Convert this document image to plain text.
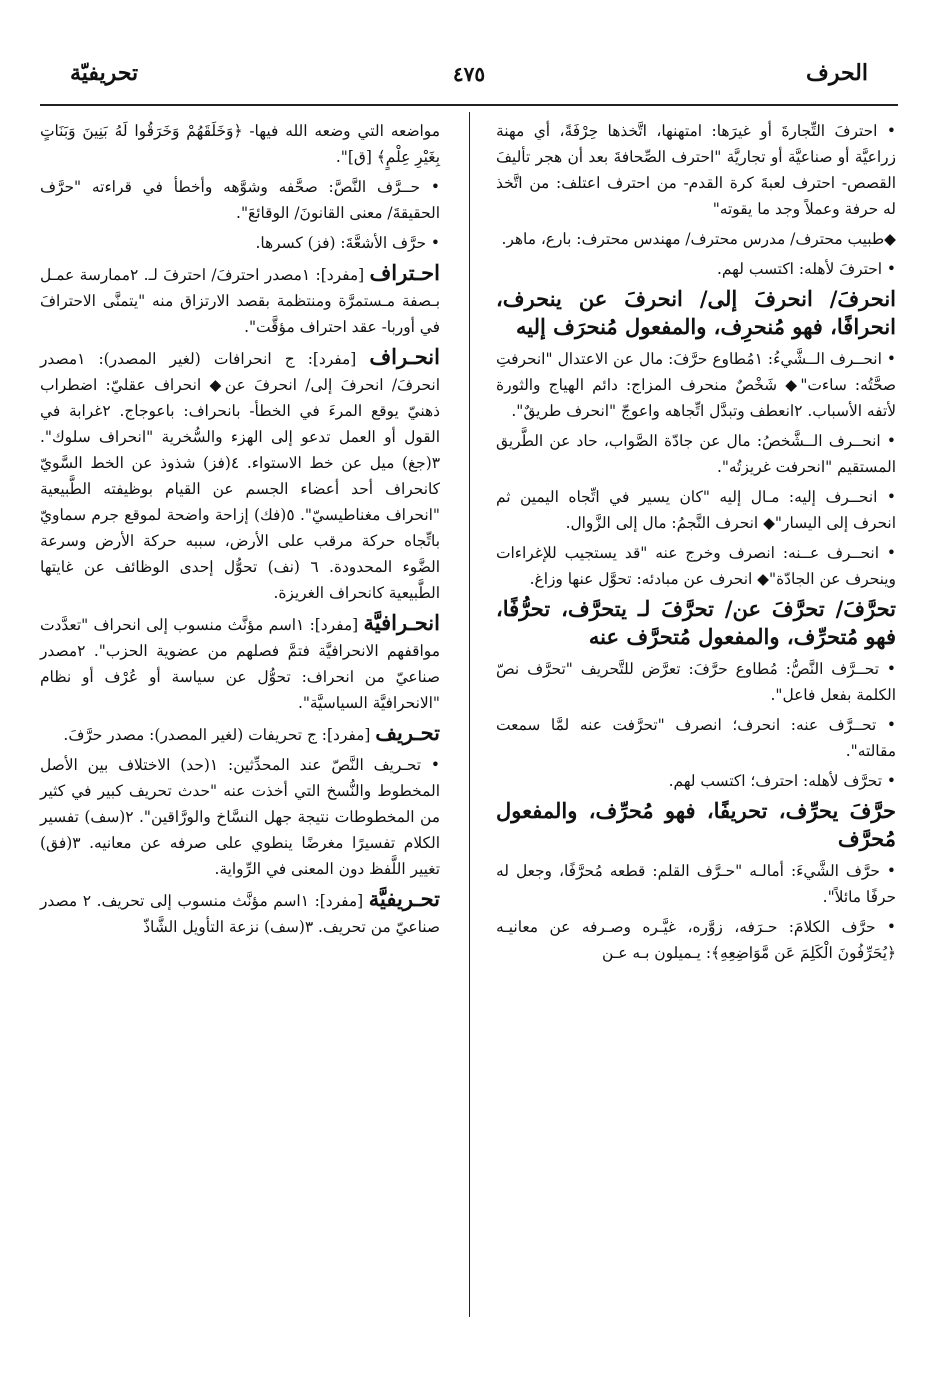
الحرف
٤٧٥
تحريفيّة
• احترفَ التِّجارةَ أو غيرَها: امتهنها، اتَّخذها حِرْفَةً، أي مهنة زراعيَّة أو صناعيَّة أو تجاريَّة "احترف الصِّحافةَ بعد أن هجر تأليفَ القصص- احترف لعبةَ كرة القدم- من احترف اعتلف: من اتَّخذ له حرفة وعملاً وجد ما يقوته"
◆طبيب محترف/ مدرس محترف/ مهندس محترف: بارع، ماهر.
• احترفَ لأهله: اكتسب لهم.
انحرفَ/ انحرفَ إلى/ انحرفَ عن ينحرف، انحرافًا، فهو مُنحرِف، والمفعول مُنحرَف إليه
• انحــرف الــشَّيءُ: ١مُطاوع حرَّفَ: مال عن الاعتدال "انحرفتِ صحَّتُه: ساءت"◆ شَخْصٌ منحرف المزاج: دائم الهياج والثورة لأتفه الأسباب. ٢انعطف وتبدَّل اتِّجاهه واعوجّ "انحرف طريقٌ".
• انحــرف الــشَّخصُ: مال عن جادّة الصَّواب، حاد عن الطَّريق المستقيم "انحرفت غريزتُه".
• انحــرف إليه: مـال إليه "كان يسير في اتِّجاه اليمين ثم انحرف إلى اليسار"◆ انحرف النَّجمُ: مال إلى الزَّوال.
• انحــرف عــنه: انصرف وخرج عنه "قد يستجيب للإغراءات وينحرف عن الجادّة"◆ انحرف عن مبادئه: تحوَّل عنها وزاغ.
تحرَّفَ/ تحرَّفَ عن/ تحرَّفَ لـ يتحرَّف، تحرُّفًا، فهو مُتحرِّف، والمفعول مُتحرَّف عنه
• تحــرَّف النَّصُّ: مُطاوع حرَّفَ: تعرَّض للتَّحريف "تحرَّف نصّ الكلمة بفعل فاعل".
• تحــرَّف عنه: انحرف؛ انصرف "تحرَّفت عنه لمَّا سمعت مقالته".
• تحرَّف لأهله: احترف؛ اكتسب لهم.
حرَّفَ يحرِّف، تحريفًا، فهو مُحرِّف، والمفعول مُحرَّف
• حرَّف الشَّيءَ: أمالـه "حـرَّف القلم: قطعه مُحرَّفًا، وجعل له حرفًا مائلاً".
• حرَّف الكلامَ: حـرَفه، زوَّره، غيَّـره وصـرفه عن معانيـه ﴿يُحَرِّفُونَ الْكَلِمَ عَن مَّوَاضِعِهِ﴾: يـميلون بـه عـن
مواضعه التي وضعه الله فيها- ﴿وَخَلَقَهُمْ وَخَرَقُوا لَهُ بَنِينَ وَبَنَاتٍ بِغَيْرِ عِلْمٍ﴾ [ق]".
• حــرَّف النَّصَّ: صحَّفه وشوَّهه وأخطأ في قراءته "حرَّف الحقيقةَ/ معنى القانونَ/ الوقائعَ".
• حرَّف الأشعَّةَ: (فز) كسرها.
احـتراف [مفرد]: ١مصدر احترفَ/ احترفَ لـ. ٢ممارسة عمـل بـصفة مـستمرَّة ومنتظمة بقصد الارتزاق منه "يتمنَّى الاحترافَ في أوربا- عقد احتراف مؤقَّت".
انحـراف [مفرد]: ج انحرافات (لغير المصدر): ١مصدر انحرفَ/ انحرفَ إلى/ انحرفَ عن◆ انحراف عقليّ: اضطراب ذهنيّ يوقع المرءَ في الخطأ- بانحراف: باعوجاج. ٢غرابة في القول أو العمل تدعو إلى الهزء والسُّخرية "انحراف سلوك". ٣(جغ) ميل عن خط الاستواء. ٤(فز) شذوذ عن الخط السَّويّ كانحراف أحد أعضاء الجسم عن القيام بوظيفته الطَّبيعية "انحراف مغناطيسيّ". ٥(فك) إزاحة واضحة لموقع جرم سماويّ باتِّجاه حركة مرقب على الأرض، سببه حركة الأرض وسرعة الضَّوء المحدودة. ٦ (نف) تحوُّل إحدى الوظائف عن غايتها الطَّبيعية كانحراف الغريزة.
انحـرافيَّة [مفرد]: ١اسم مؤنَّث منسوب إلى انحراف "تعدَّدت مواقفهم الانحرافيَّة فتمَّ فصلهم من عضوية الحزب". ٢مصدر صناعيّ من انحراف: تحوُّل عن سياسة أو عُرْف أو نظام "الانحرافيَّة السياسيَّة".
تحـريف [مفرد]: ج تحريفات (لغير المصدر): مصدر حرَّفَ.
• تحـريف النَّصّ عند المحدِّثين: ١(حد) الاختلاف بين الأصل المخطوط والنُّسخ التي أخذت عنه "حدث تحريف كبير في كثير من المخطوطات نتيجة جهل النسَّاخ والورَّاقين". ٢(سف) تفسير الكلام تفسيرًا مغرضًا ينطوي على صرفه عن معانيه. ٣(فق) تغيير اللَّفظ دون المعنى في الرِّواية.
تحـريفيَّة [مفرد]: ١اسم مؤنَّث منسوب إلى تحريف. ٢ مصدر صناعيّ من تحريف. ٣(سف) نزعة التأويل الشَّاذّ
